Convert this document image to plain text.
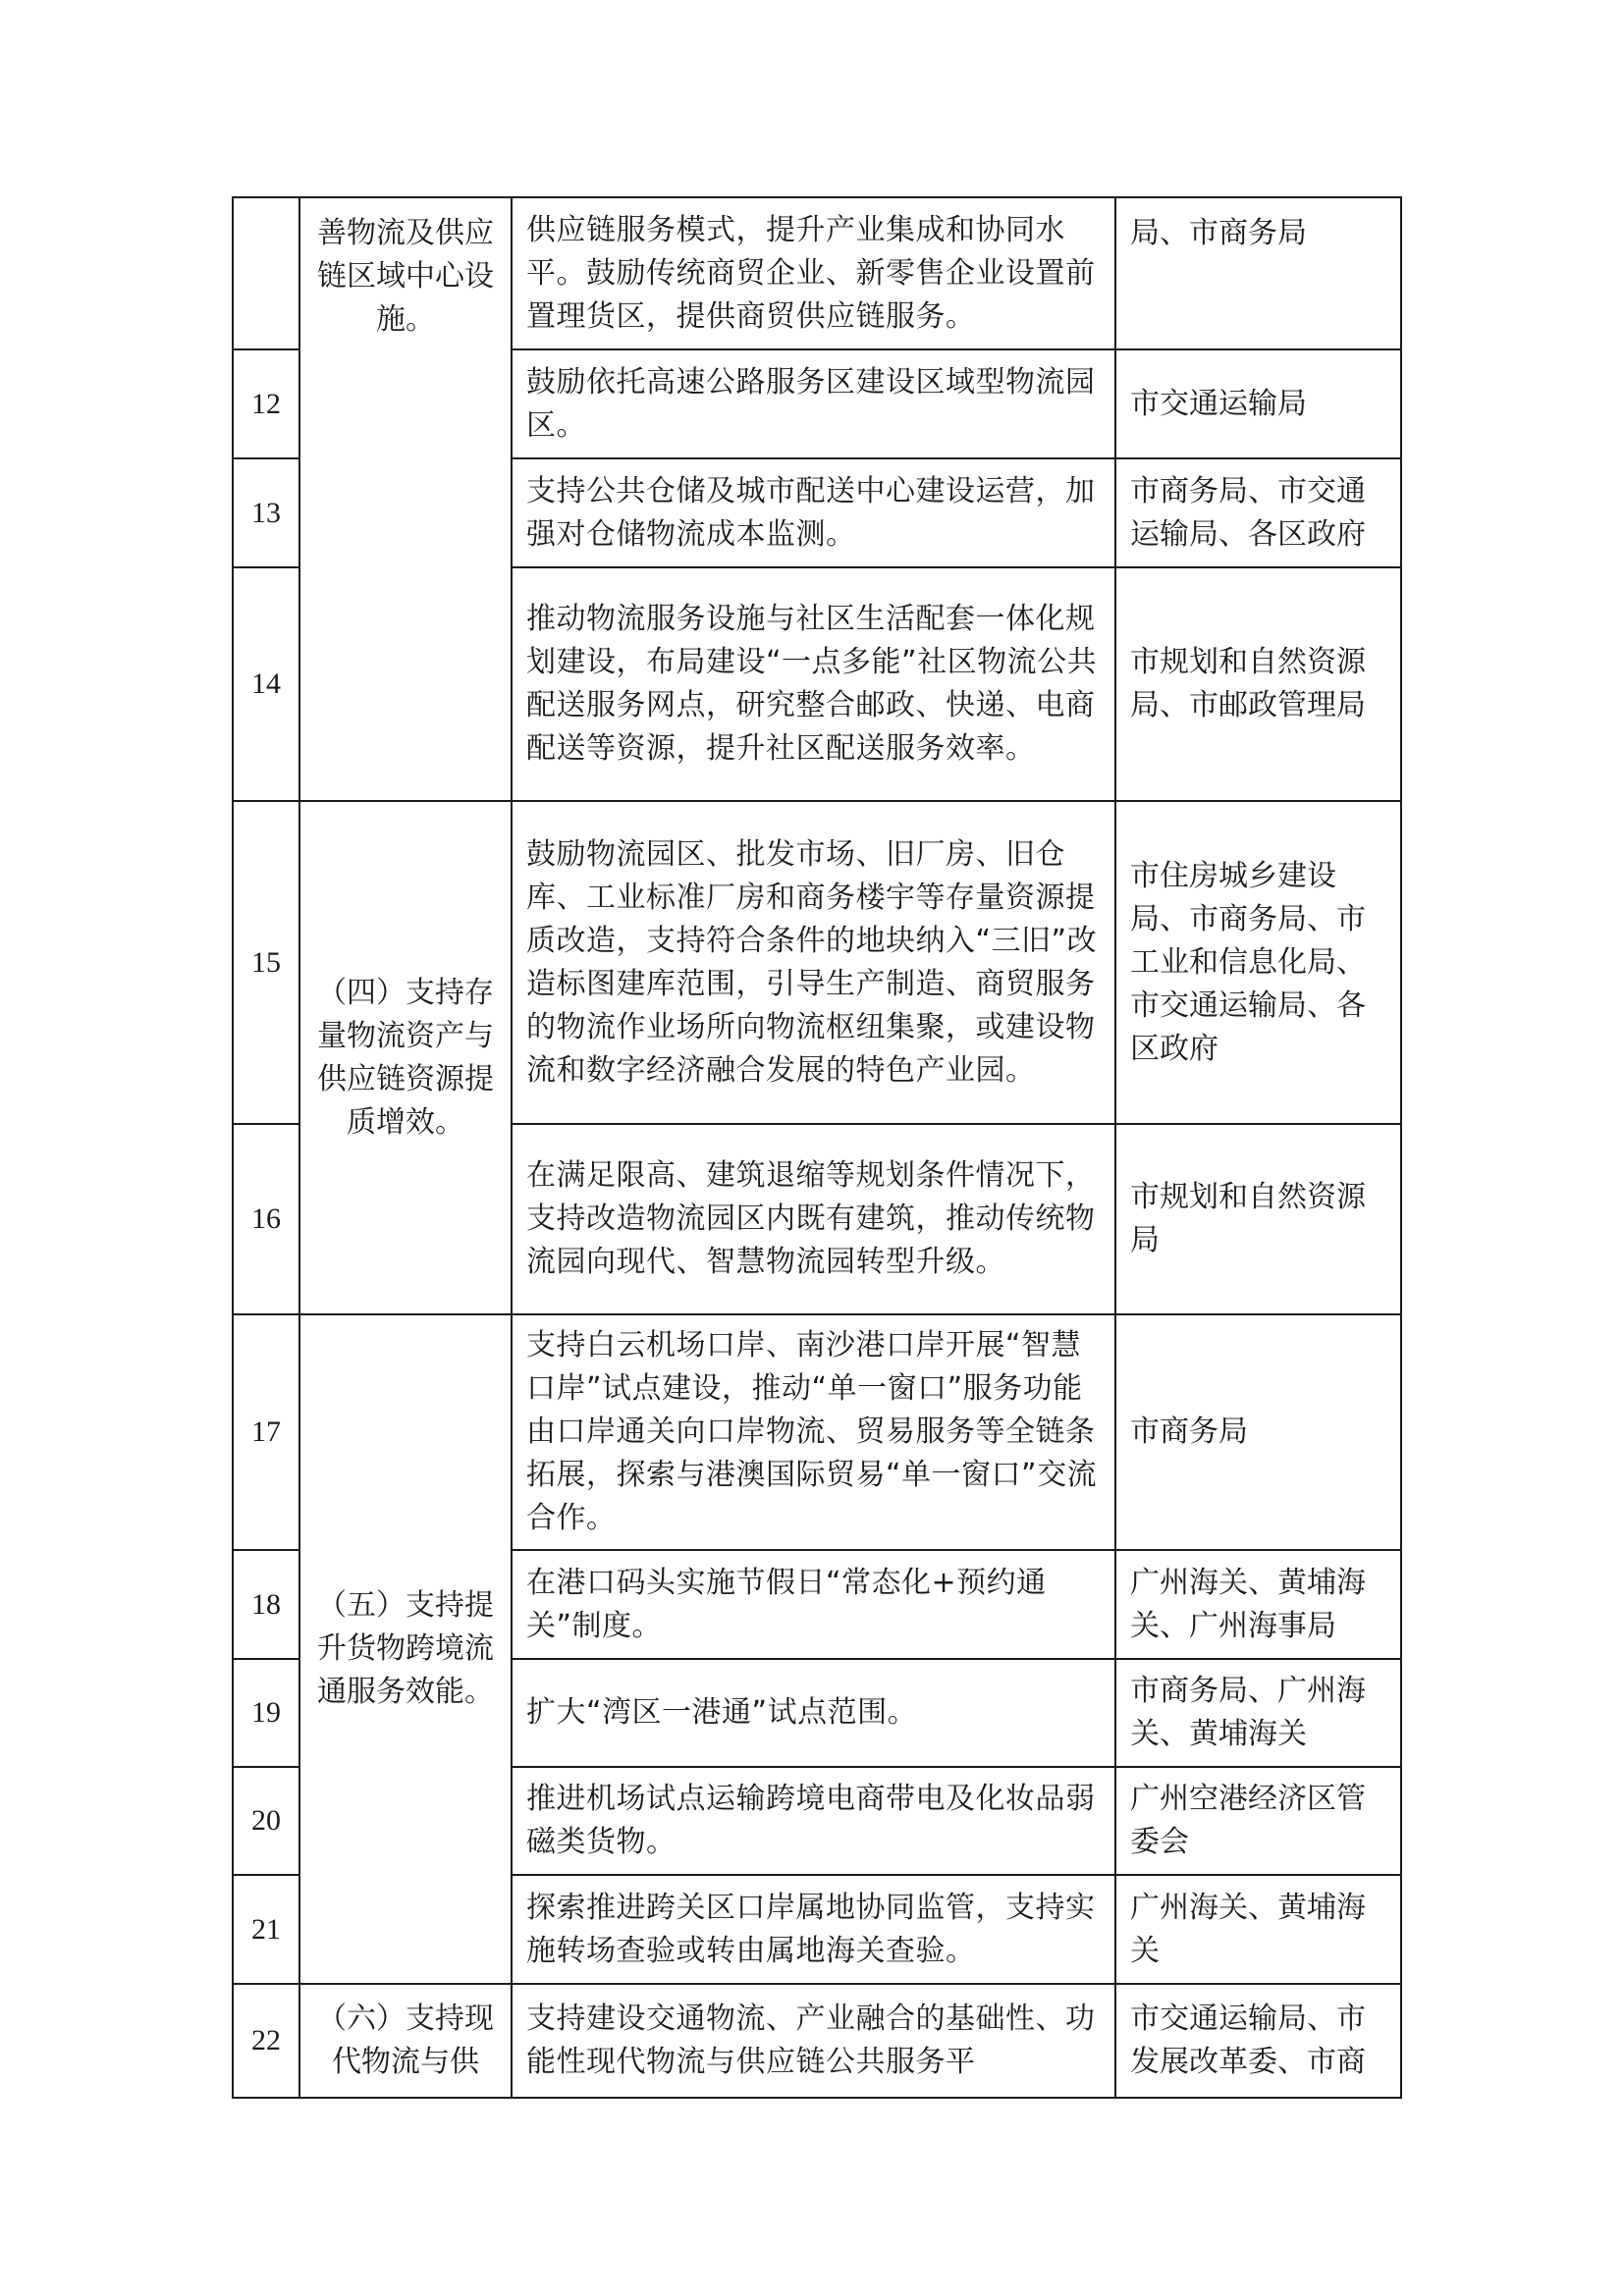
	善物流及供应链区域中心设施。	供应链服务模式，提升产业集成和协同水平。鼓励传统商贸企业、新零售企业设置前置理货区，提供商贸供应链服务。	局、市商务局
12		鼓励依托高速公路服务区建设区域型物流园区。	市交通运输局
13		支持公共仓储及城市配送中心建设运营，加强对仓储物流成本监测。	市商务局、市交通运输局、各区政府
14		推动物流服务设施与社区生活配套一体化规划建设，布局建设“一点多能”社区物流公共配送服务网点，研究整合邮政、快递、电商配送等资源，提升社区配送服务效率。	市规划和自然资源局、市邮政管理局
15	（四）支持存量物流资产与供应链资源提质增效。	鼓励物流园区、批发市场、旧厂房、旧仓库、工业标准厂房和商务楼宇等存量资源提质改造，支持符合条件的地块纳入“三旧”改造标图建库范围，引导生产制造、商贸服务的物流作业场所向物流枢纽集聚，或建设物流和数字经济融合发展的特色产业园。	市住房城乡建设局、市商务局、市工业和信息化局、市交通运输局、各区政府
16		在满足限高、建筑退缩等规划条件情况下，支持改造物流园区内既有建筑，推动传统物流园向现代、智慧物流园转型升级。	市规划和自然资源局
17	（五）支持提升货物跨境流通服务效能。	支持白云机场口岸、南沙港口岸开展“智慧口岸”试点建设，推动“单一窗口”服务功能由口岸通关向口岸物流、贸易服务等全链条拓展，探索与港澳国际贸易“单一窗口”交流合作。	市商务局
18		在港口码头实施节假日“常态化+预约通关”制度。	广州海关、黄埔海关、广州海事局
19		扩大“湾区一港通”试点范围。	市商务局、广州海关、黄埔海关
20		推进机场试点运输跨境电商带电及化妆品弱磁类货物。	广州空港经济区管委会
21		探索推进跨关区口岸属地协同监管，支持实施转场查验或转由属地海关查验。	广州海关、黄埔海关
22	（六）支持现代物流与供	支持建设交通物流、产业融合的基础性、功能性现代物流与供应链公共服务平	市交通运输局、市发展改革委、市商
